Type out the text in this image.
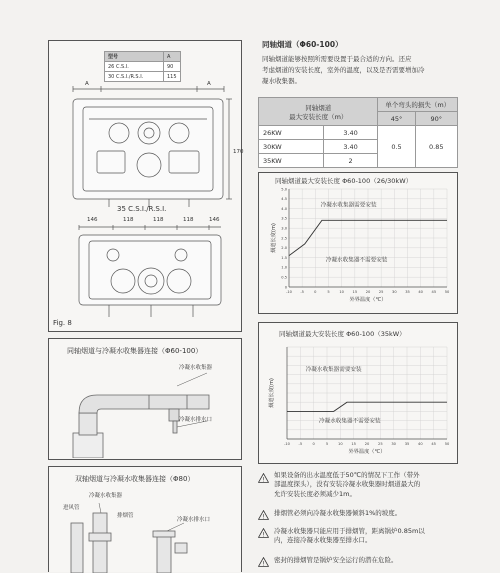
型号	A
26 C.S.I.	90
30 C.S.I./R.S.I.	115
A	A
170
35 C.S.I./R.S.I.
146	118	118	118	146
Fig. 8
同轴烟道与冷凝水收集器连接（Φ60-100）
冷凝水收集器
冷凝水排水口
双轴烟道与冷凝水收集器连接（Φ80）
冷凝水收集器
进风管
排烟管
冷凝水排水口
同轴烟道（Φ60-100）
同轴烟道能够按照所需要设置于最合适的方向。还应
考虑烟道的安装长度，室外的温度，以及是否需要增加冷
凝水收集器。
同轴烟道
最大安装长度（m）		单个弯头的损失（m）	
		45°	90°
26KW	3.40	0.5	0.85
30KW	3.40		
35KW	2		
同轴烟道最大安装长度 Φ60-100（26/30kW）
-10 -5	0	5	10 15 20 25 30 35 40 45 50
0
0.5
1.0
1.5
2.0
2.5
3.0
3.5
4.0
4.5
5.0
冷凝水收集器需要安装
冷凝水收集器不需要安装
外界温度（℃）
烟道长度(m)
同轴烟道最大安装长度 Φ60-100（35kW）
-10 -5	0	5	10 15 20 25 30 35 40 45 50
冷凝水收集器需要安装
冷凝水收集器不需要安装
外界温度（℃）
烟道长度(m)
!
如果设备的出水温度低于50℃的情况下工作（带外
部温度探头），没有安装冷凝水收集器时烟道最大的
允许安装长度必须减少1m。
! 排烟管必须向冷凝水收集器倾斜1%的坡度。
! 冷凝水收集器只能应用于排烟管，距离锅炉0.85m以
内，连接冷凝水收集器至排水口。
! 密封的排烟管是锅炉安全运行的潜在危险。
